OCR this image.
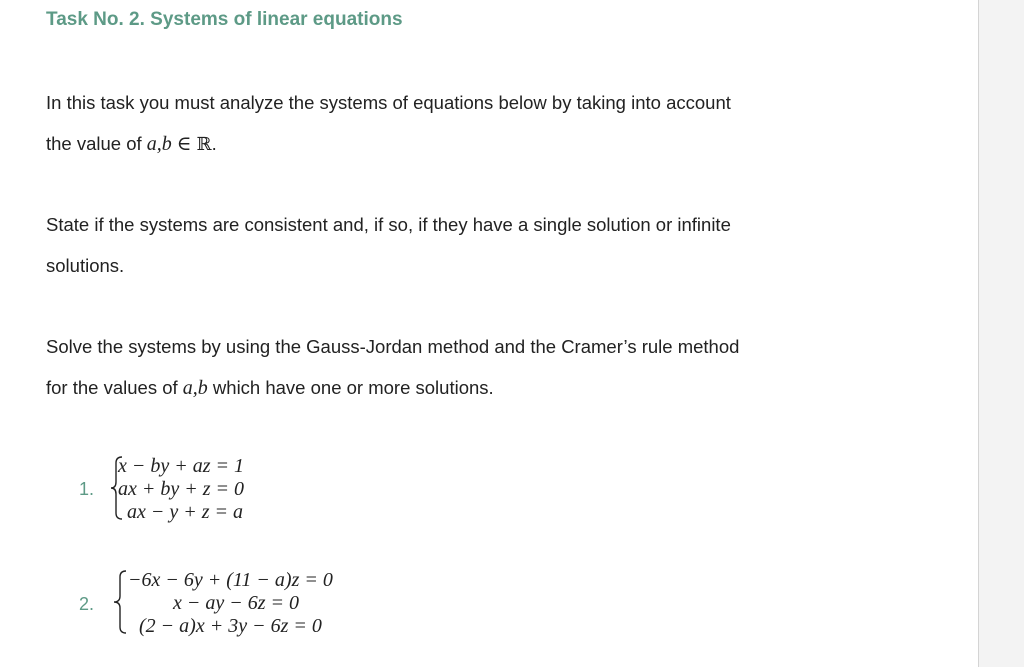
Task No. 2. Systems of linear equations
In this task you must analyze the systems of equations below by taking into account
the value of a,b ∈ ℝ.
State if the systems are consistent and, if so, if they have a single solution or infinite
solutions.
Solve the systems by using the Gauss-Jordan method and the Cramer’s rule method
for the values of a,b which have one or more solutions.
1.
x − by + az = 1
ax + by + z = 0
ax − y + z = a
2.
−6x − 6y + (11 − a)z = 0
x − ay − 6z = 0
(2 − a)x + 3y − 6z = 0
